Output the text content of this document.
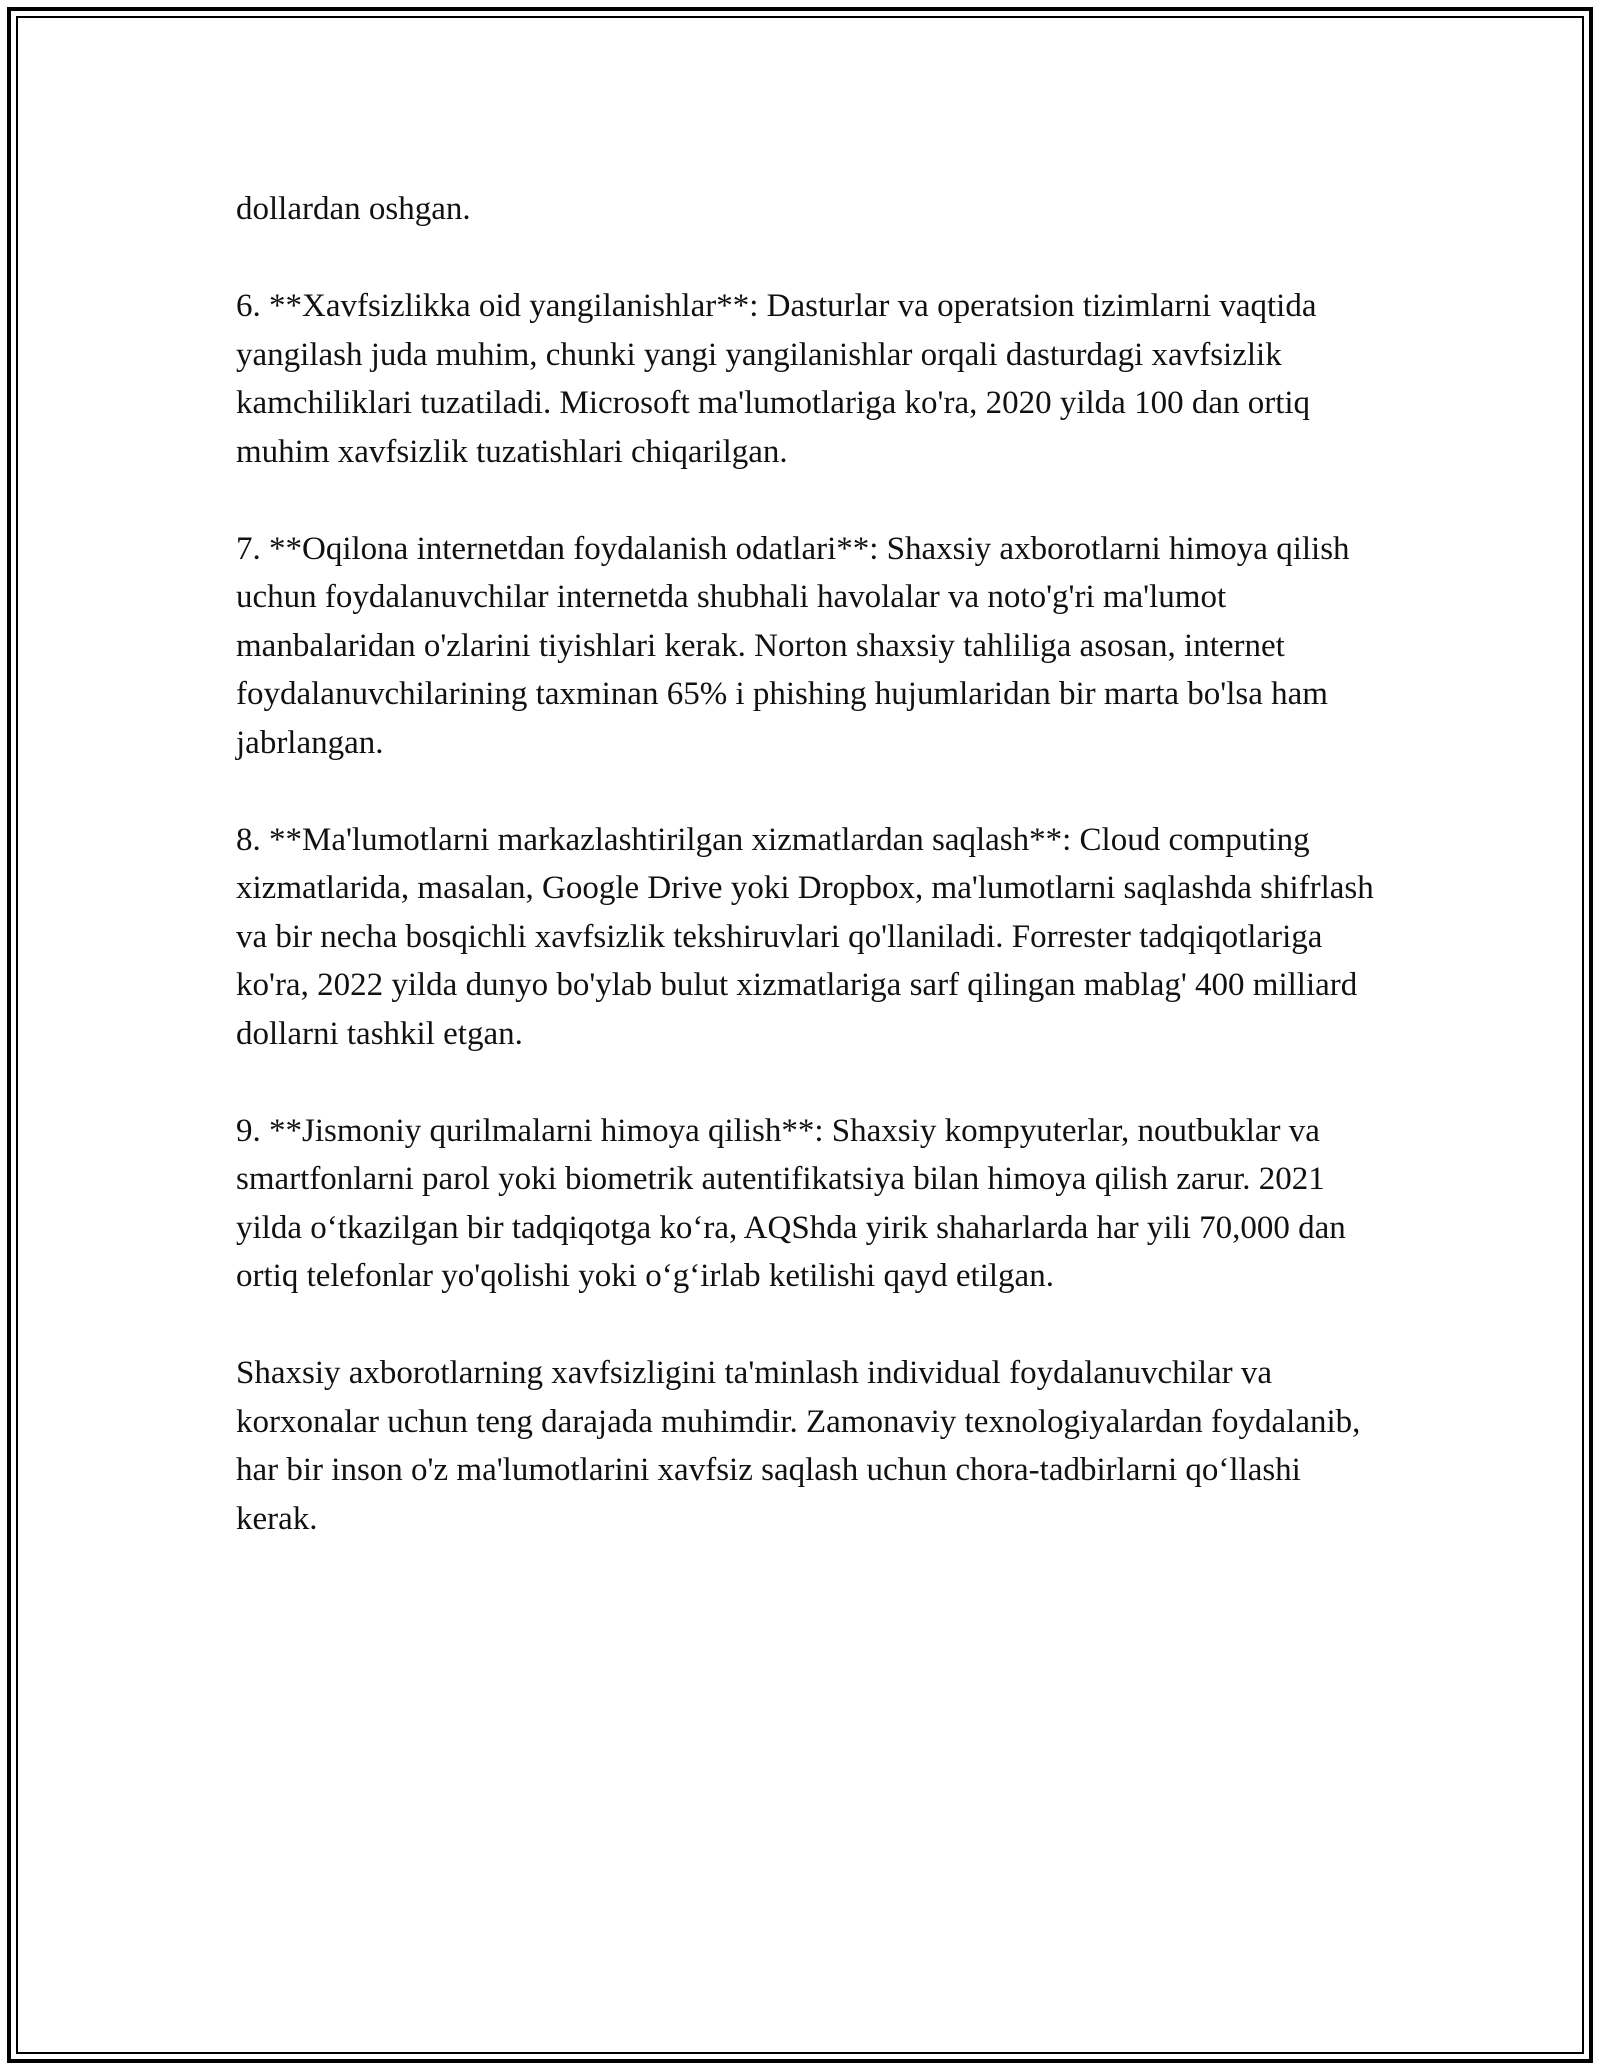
dollardan oshgan.

6. **Xavfsizlikka oid yangilanishlar**: Dasturlar va operatsion tizimlarni vaqtida yangilash juda muhim, chunki yangi yangilanishlar orqali dasturdagi xavfsizlik kamchiliklari tuzatiladi. Microsoft ma'lumotlariga ko'ra, 2020 yilda 100 dan ortiq muhim xavfsizlik tuzatishlari chiqarilgan.

7. **Oqilona internetdan foydalanish odatlari**: Shaxsiy axborotlarni himoya qilish uchun foydalanuvchilar internetda shubhali havolalar va noto'g'ri ma'lumot manbalaridan o'zlarini tiyishlari kerak. Norton shaxsiy tahliliga asosan, internet foydalanuvchilarining taxminan 65% i phishing hujumlaridan bir marta bo'lsa ham jabrlangan.

8. **Ma'lumotlarni markazlashtirilgan xizmatlardan saqlash**: Cloud computing xizmatlarida, masalan, Google Drive yoki Dropbox, ma'lumotlarni saqlashda shifrlash va bir necha bosqichli xavfsizlik tekshiruvlari qo'llaniladi. Forrester tadqiqotlariga ko'ra, 2022 yilda dunyo bo'ylab bulut xizmatlariga sarf qilingan mablag' 400 milliard dollarni tashkil etgan.

9. **Jismoniy qurilmalarni himoya qilish**: Shaxsiy kompyuterlar, noutbuklar va smartfonlarni parol yoki biometrik autentifikatsiya bilan himoya qilish zarur. 2021 yilda oʻtkazilgan bir tadqiqotga koʻra, AQShda yirik shaharlarda har yili 70,000 dan ortiq telefonlar yo'qolishi yoki oʻgʻirlab ketilishi qayd etilgan.

Shaxsiy axborotlarning xavfsizligini ta'minlash individual foydalanuvchilar va korxonalar uchun teng darajada muhimdir. Zamonaviy texnologiyalardan foydalanib, har bir inson o'z ma'lumotlarini xavfsiz saqlash uchun chora-tadbirlarni qoʻllashi kerak.
